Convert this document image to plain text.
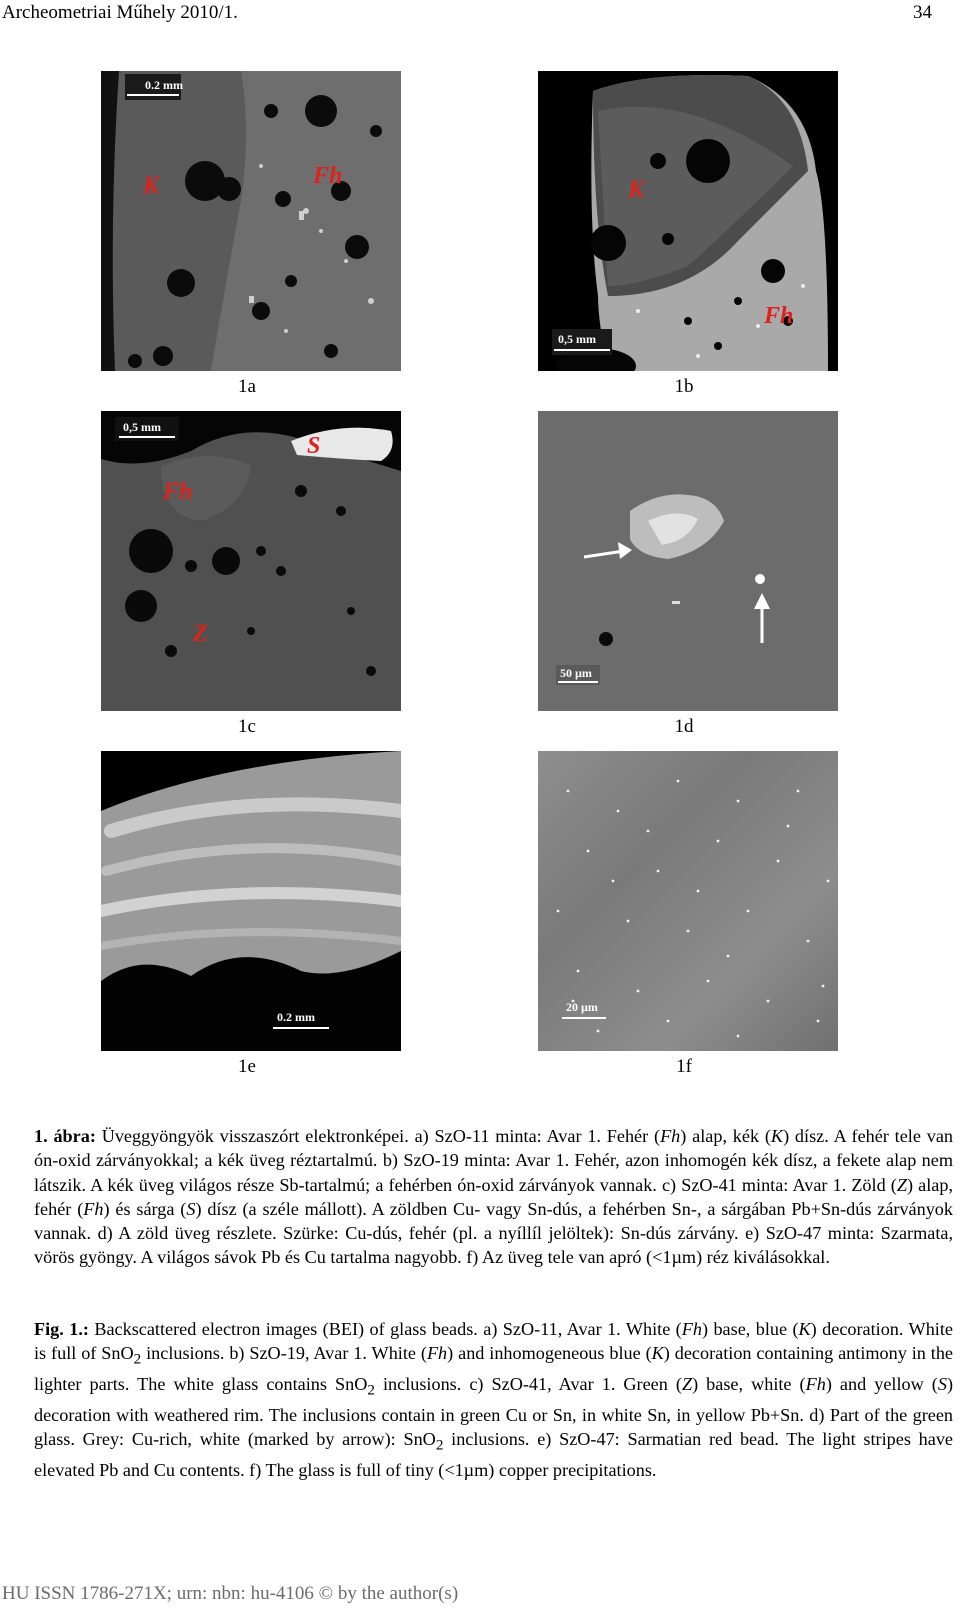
Archeometriai Műhely 2010/1.	34
0.2 mm
K	Fh
1a
0,5 mm
K
Fh
1b
0,5 mm
S
Fh
Z
1c
50 µm
1d
0.2 mm
1e
20 µm
1f

1. ábra: Üveggyöngyök visszaszórt elektronképei. a) SzO-11 minta: Avar 1. Fehér (Fh) alap, kék (K) dísz. A fehér tele van ón-oxid zárványokkal; a kék üveg réztartalmú. b) SzO-19 minta: Avar 1. Fehér, azon inhomogén kék dísz, a fekete alap nem látszik. A kék üveg világos része Sb-tartalmú; a fehérben ón-oxid zárványok vannak. c) SzO-41 minta: Avar 1. Zöld (Z) alap, fehér (Fh) és sárga (S) dísz (a széle mállott). A zöldben Cu- vagy Sn-dús, a fehérben Sn-, a sárgában Pb+Sn-dús zárványok vannak. d) A zöld üveg részlete. Szürke: Cu-dús, fehér (pl. a nyíllíl jelöltek): Sn-dús zárvány. e) SzO-47 minta: Szarmata, vörös gyöngy. A világos sávok Pb és Cu tartalma nagyobb. f) Az üveg tele van apró (<1µm) réz kiválásokkal.

Fig. 1.: Backscattered electron images (BEI) of glass beads. a) SzO-11, Avar 1. White (Fh) base, blue (K) decoration. White is full of SnO$_2$ inclusions. b) SzO-19, Avar 1. White (Fh) and inhomogeneous blue (K) decoration containing antimony in the lighter parts. The white glass contains SnO$_2$ inclusions. c) SzO-41, Avar 1. Green (Z) base, white (Fh) and yellow (S) decoration with weathered rim. The inclusions contain in green Cu or Sn, in white Sn, in yellow Pb+Sn. d) Part of the green glass. Grey: Cu-rich, white (marked by arrow): SnO$_2$ inclusions. e) SzO-47: Sarmatian red bead. The light stripes have elevated Pb and Cu contents. f) The glass is full of tiny (<1µm) copper precipitations.

HU ISSN 1786-271X; urn: nbn: hu-4106 © by the author(s)
